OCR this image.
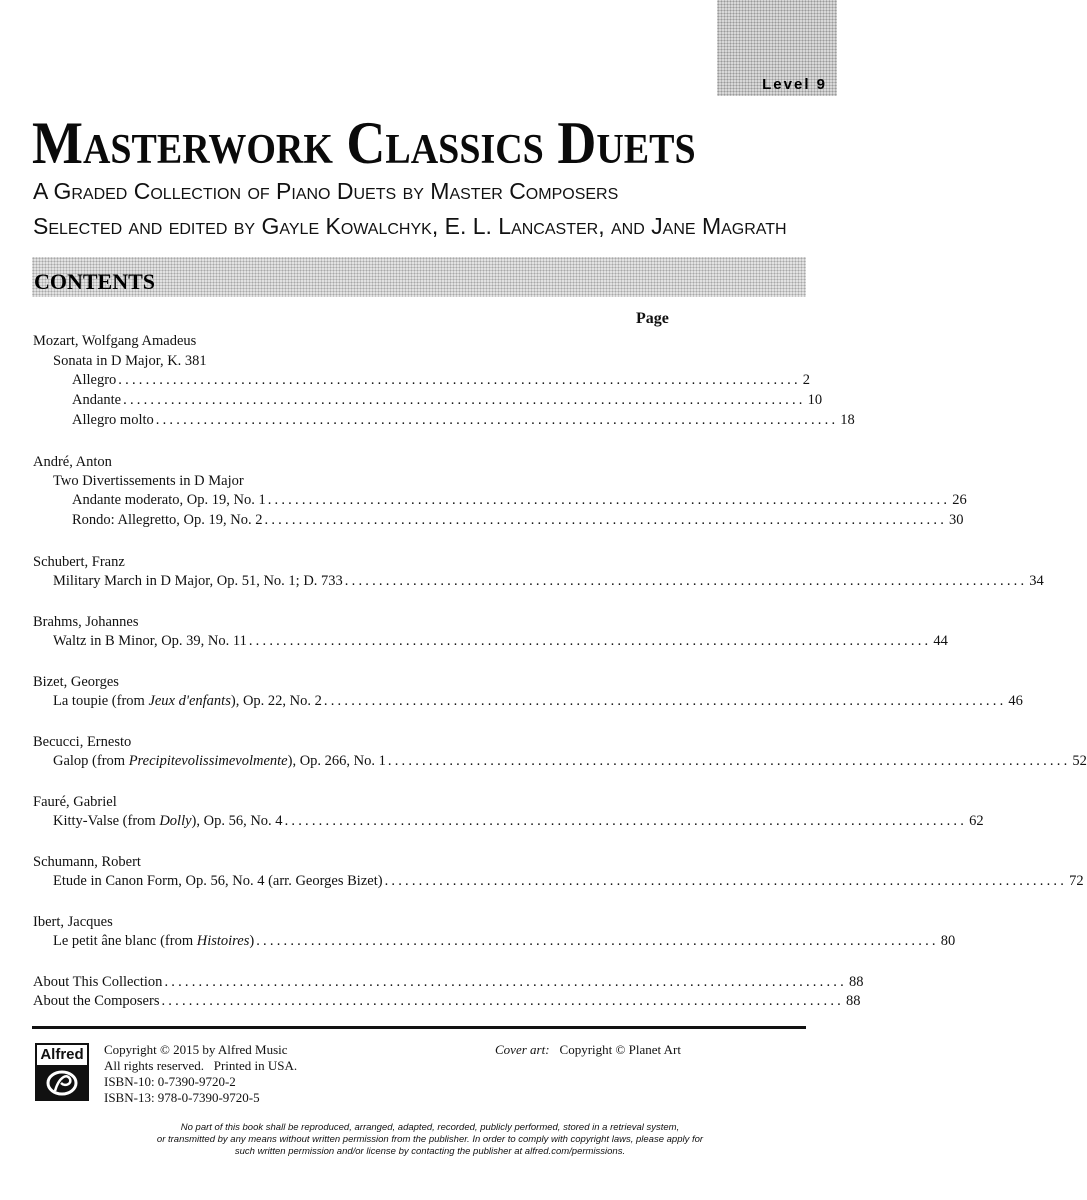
Level 9
Masterwork Classics Duets
A Graded Collection of Piano Duets by Master Composers
Selected and edited by Gayle Kowalchyk, E. L. Lancaster, and Jane Magrath
CONTENTS
Page
Mozart, Wolfgang Amadeus
Sonata in D Major, K. 381
Allegro .................................................................................................... 2
Andante .................................................................................................... 10
Allegro molto .................................................................................................... 18
André, Anton
Two Divertissements in D Major
Andante moderato, Op. 19, No. 1 .................................................................................................... 26
Rondo: Allegretto, Op. 19, No. 2 .................................................................................................... 30
Schubert, Franz
Military March in D Major, Op. 51, No. 1; D. 733 .................................................................................................... 34
Brahms, Johannes
Waltz in B Minor, Op. 39, No. 11 .................................................................................................... 44
Bizet, Georges
La toupie (from Jeux d'enfants), Op. 22, No. 2 .................................................................................................... 46
Becucci, Ernesto
Galop (from Precipitevolissimevolmente), Op. 266, No. 1 .................................................................................................... 52
Fauré, Gabriel
Kitty-Valse (from Dolly), Op. 56, No. 4 .................................................................................................... 62
Schumann, Robert
Etude in Canon Form, Op. 56, No. 4 (arr. Georges Bizet) .................................................................................................... 72
Ibert, Jacques
Le petit âne blanc (from Histoires) .................................................................................................... 80
About This Collection .................................................................................................... 88
About the Composers .................................................................................................... 88
Alfred Copyright © 2015 by Alfred Music
All rights reserved.   Printed in USA.
ISBN-10: 0-7390-9720-2
ISBN-13: 978-0-7390-9720-5
Cover art: Copyright © Planet Art
No part of this book shall be reproduced, arranged, adapted, recorded, publicly performed, stored in a retrieval system,
or transmitted by any means without written permission from the publisher. In order to comply with copyright laws, please apply for
such written permission and/or license by contacting the publisher at alfred.com/permissions.
